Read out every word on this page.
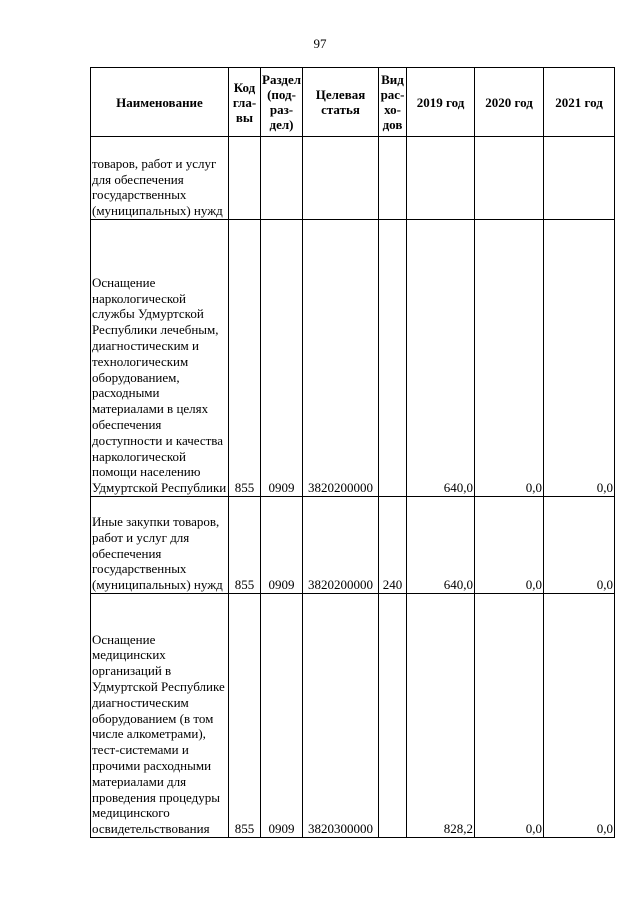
97
Наименование	Код гла- вы	Раздел (под- раз- дел)	Целевая статья	Вид рас- хо- дов	2019 год	2020 год	2021 год
товаров, работ и услуг для обеспечения государственных (муниципальных) нужд							
Оснащение наркологической службы Удмуртской Республики лечебным, диагностическим и технологическим оборудованием, расходными материалами в целях обеспечения доступности и качества наркологической помощи населению Удмуртской Республики	855	0909	3820200000		640,0	0,0	0,0
Иные закупки товаров, работ и услуг для обеспечения государственных (муниципальных) нужд	855	0909	3820200000	240	640,0	0,0	0,0
Оснащение медицинских организаций в Удмуртской Республике диагностическим оборудованием (в том числе алкометрами), тест-системами и прочими расходными материалами для проведения процедуры медицинского освидетельствования	855	0909	3820300000		828,2	0,0	0,0
